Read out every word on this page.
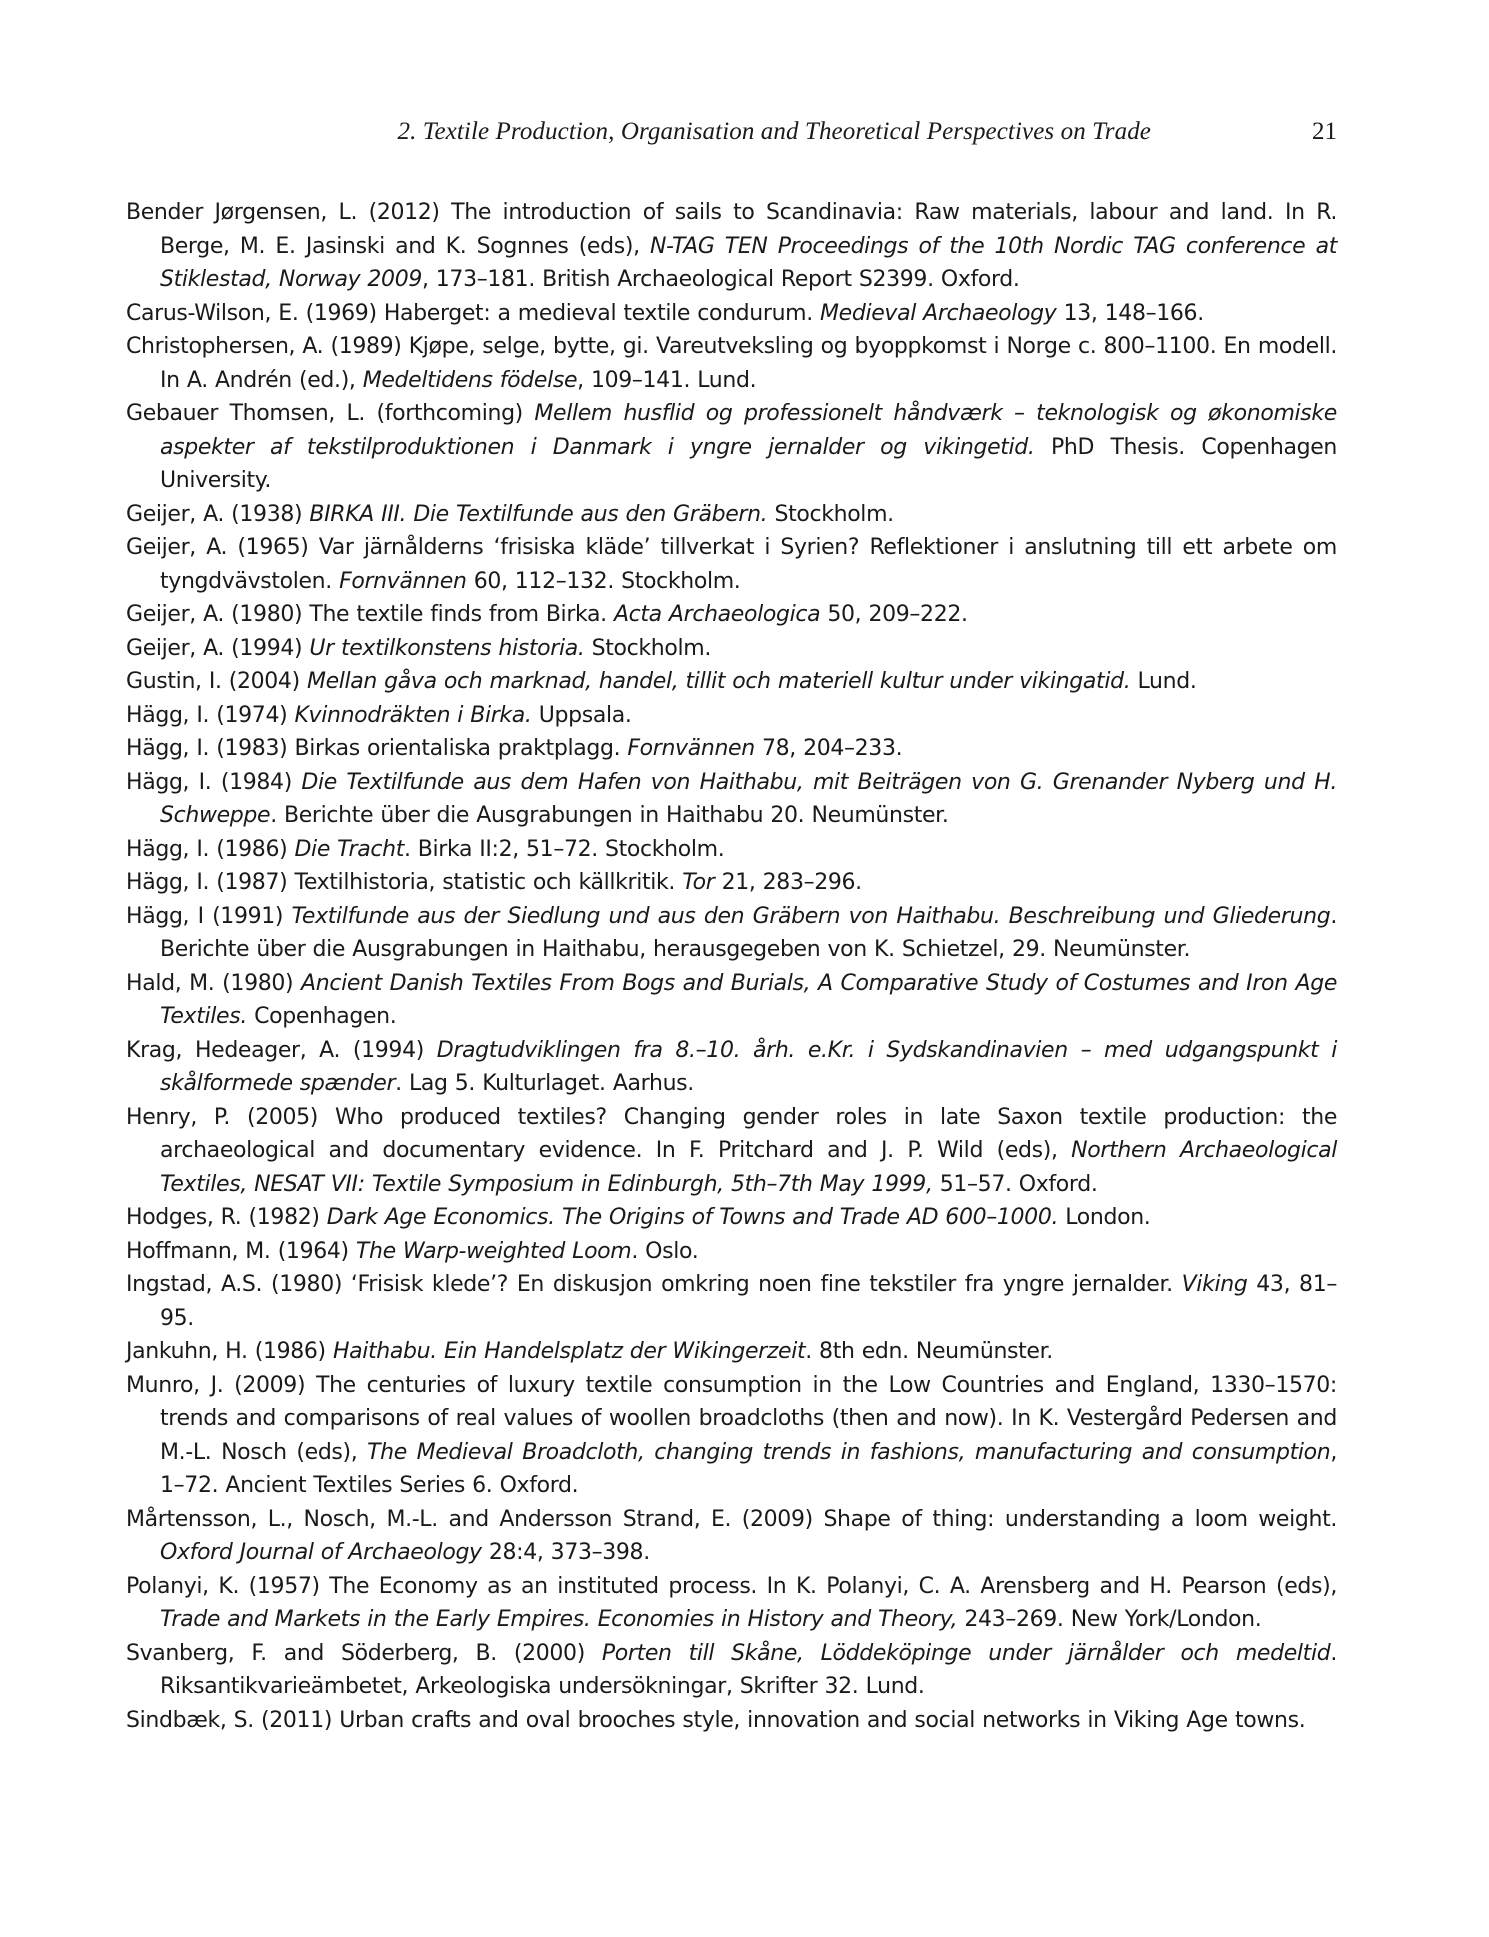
2. Textile Production, Organisation and Theoretical Perspectives on Trade	21
Bender Jørgensen, L. (2012) The introduction of sails to Scandinavia: Raw materials, labour and land. In R. Berge, M. E. Jasinski and K. Sognnes (eds), N-TAG TEN Proceedings of the 10th Nordic TAG conference at Stiklestad, Norway 2009, 173–181. British Archaeological Report S2399. Oxford.
Carus-Wilson, E. (1969) Haberget: a medieval textile condurum. Medieval Archaeology 13, 148–166.
Christophersen, A. (1989) Kjøpe, selge, bytte, gi. Vareutveksling og byoppkomst i Norge c. 800–1100. En modell. In A. Andrén (ed.), Medeltidens födelse, 109–141. Lund.
Gebauer Thomsen, L. (forthcoming) Mellem husflid og professionelt håndværk – teknologisk og økonomiske aspekter af tekstilproduktionen i Danmark i yngre jernalder og vikingetid. PhD Thesis. Copenhagen University.
Geijer, A. (1938) BIRKA III. Die Textilfunde aus den Gräbern. Stockholm.
Geijer, A. (1965) Var järnålderns ‘frisiska kläde’ tillverkat i Syrien? Reflektioner i anslutning till ett arbete om tyngdvävstolen. Fornvännen 60, 112–132. Stockholm.
Geijer, A. (1980) The textile finds from Birka. Acta Archaeologica 50, 209–222.
Geijer, A. (1994) Ur textilkonstens historia. Stockholm.
Gustin, I. (2004) Mellan gåva och marknad, handel, tillit och materiell kultur under vikingatid. Lund.
Hägg, I. (1974) Kvinnodräkten i Birka. Uppsala.
Hägg, I. (1983) Birkas orientaliska praktplagg. Fornvännen 78, 204–233.
Hägg, I. (1984) Die Textilfunde aus dem Hafen von Haithabu, mit Beiträgen von G. Grenander Nyberg und H. Schweppe. Berichte über die Ausgrabungen in Haithabu 20. Neumünster.
Hägg, I. (1986) Die Tracht. Birka II:2, 51–72. Stockholm.
Hägg, I. (1987) Textilhistoria, statistic och källkritik. Tor 21, 283–296.
Hägg, I (1991) Textilfunde aus der Siedlung und aus den Gräbern von Haithabu. Beschreibung und Gliederung. Berichte über die Ausgrabungen in Haithabu, herausgegeben von K. Schietzel, 29. Neumünster.
Hald, M. (1980) Ancient Danish Textiles From Bogs and Burials, A Comparative Study of Costumes and Iron Age Textiles. Copenhagen.
Krag, Hedeager, A. (1994) Dragtudviklingen fra 8.–10. årh. e.Kr. i Sydskandinavien – med udgangspunkt i skålformede spænder. Lag 5. Kulturlaget. Aarhus.
Henry, P. (2005) Who produced textiles? Changing gender roles in late Saxon textile production: the archaeological and documentary evidence. In F. Pritchard and J. P. Wild (eds), Northern Archaeological Textiles, NESAT VII: Textile Symposium in Edinburgh, 5th–7th May 1999, 51–57. Oxford.
Hodges, R. (1982) Dark Age Economics. The Origins of Towns and Trade AD 600–1000. London.
Hoffmann, M. (1964) The Warp-weighted Loom. Oslo.
Ingstad, A.S. (1980) ‘Frisisk klede’? En diskusjon omkring noen fine tekstiler fra yngre jernalder. Viking 43, 81–95.
Jankuhn, H. (1986) Haithabu. Ein Handelsplatz der Wikingerzeit. 8th edn. Neumünster.
Munro, J. (2009) The centuries of luxury textile consumption in the Low Countries and England, 1330–1570: trends and comparisons of real values of woollen broadcloths (then and now). In K. Vestergård Pedersen and M.-L. Nosch (eds), The Medieval Broadcloth, changing trends in fashions, manufacturing and consumption, 1–72. Ancient Textiles Series 6. Oxford.
Mårtensson, L., Nosch, M.-L. and Andersson Strand, E. (2009) Shape of thing: understanding a loom weight. Oxford Journal of Archaeology 28:4, 373–398.
Polanyi, K. (1957) The Economy as an instituted process. In K. Polanyi, C. A. Arensberg and H. Pearson (eds), Trade and Markets in the Early Empires. Economies in History and Theory, 243–269. New York/London.
Svanberg, F. and Söderberg, B. (2000) Porten till Skåne, Löddeköpinge under järnålder och medeltid. Riksantikvarieämbetet, Arkeologiska undersökningar, Skrifter 32. Lund.
Sindbæk, S. (2011) Urban crafts and oval brooches style, innovation and social networks in Viking Age towns.
